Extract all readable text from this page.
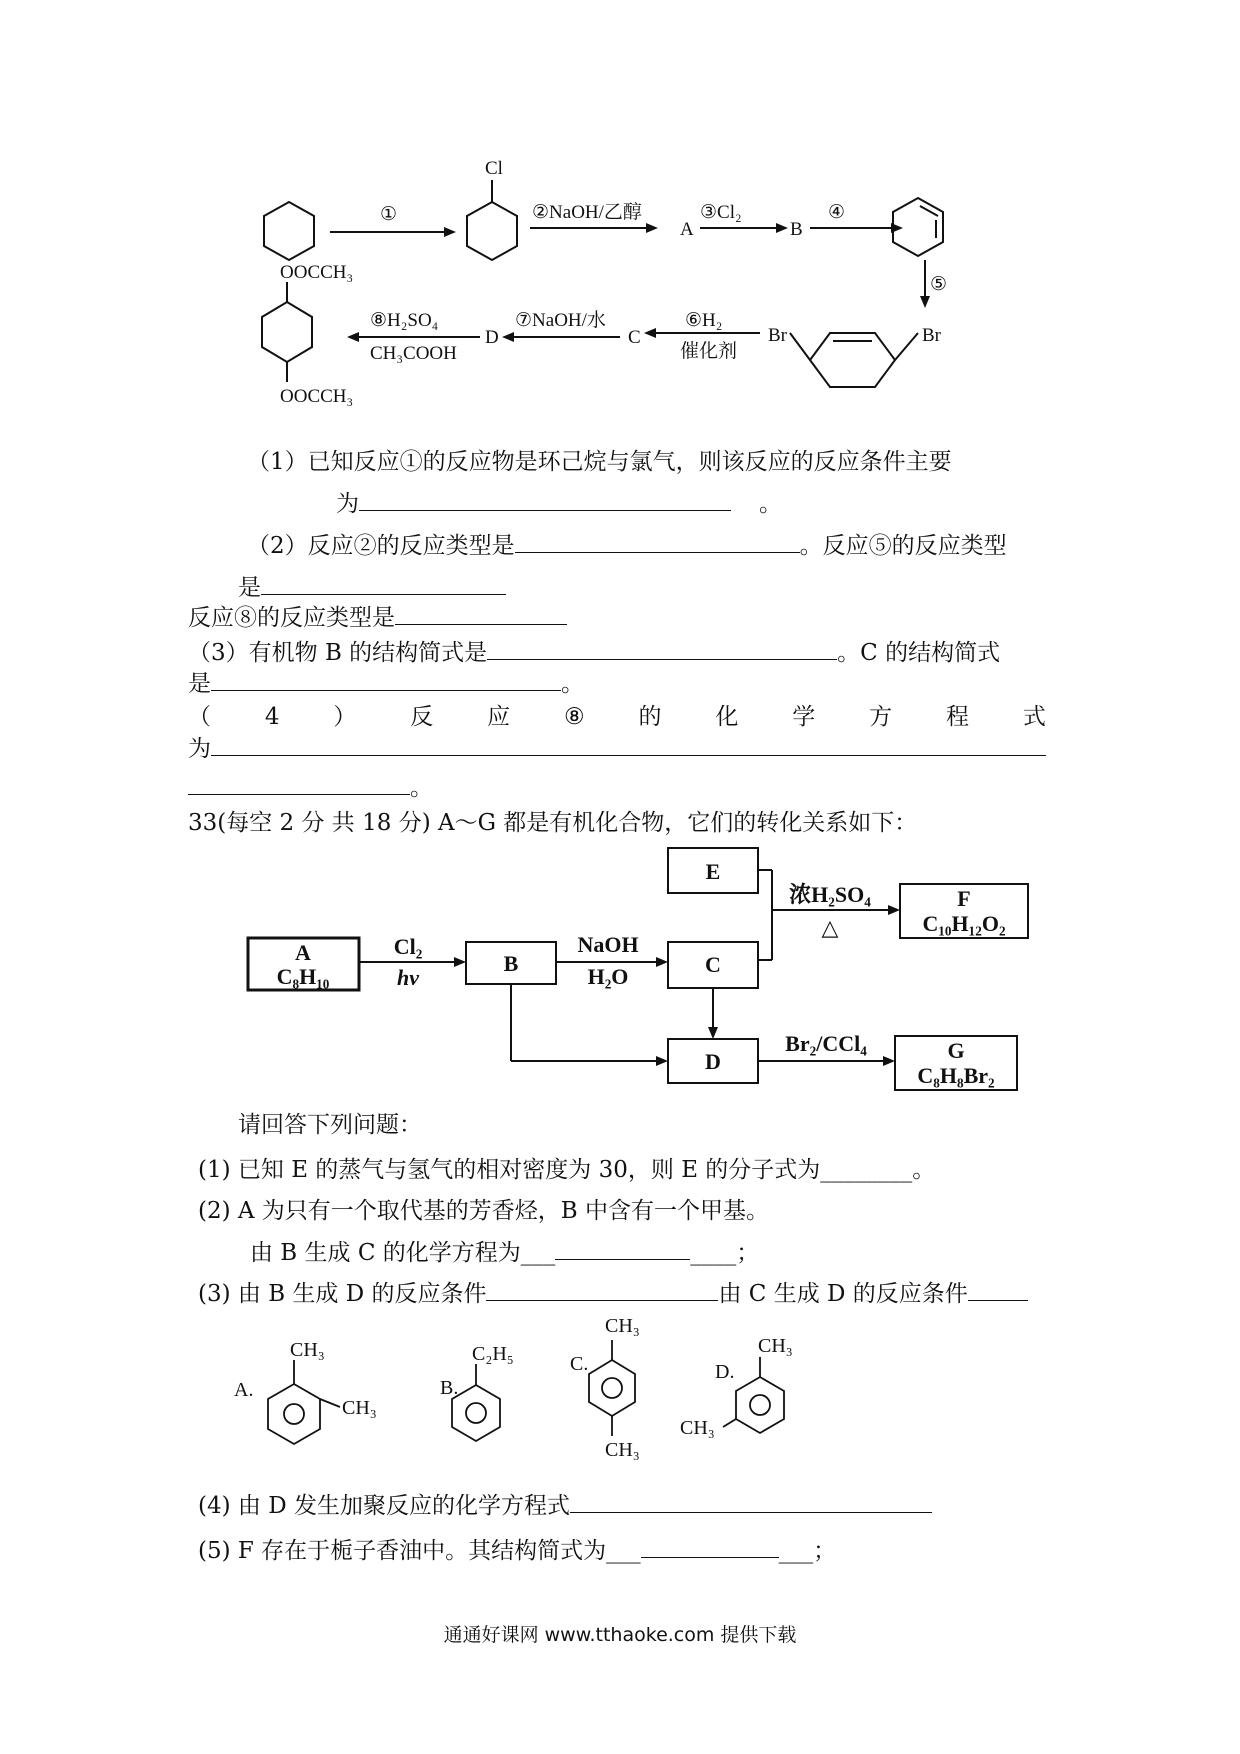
Cl
①	②NaOH/乙醇
A
③Cl₂
B
④
⑤
Br	Br
⑥H₂
催化剂
C
⑦NaOH/水
D
⑧H₂SO₄
CH₃COOH
OOCCH₃
OOCCH₃
（1）已知反应①的反应物是环己烷与氯气，则该反应的反应条件主要
为	。
（2）反应②的反应类型是	。反应⑤的反应类型
是
反应⑧的反应类型是
（3）有机物 B 的结构简式是	。C 的结构简式
是	。
（ 4 ） 反 应 ⑧ 的 化 学 方 程 式
为
。
33(每空 2 分 共 18 分) A～G 都是有机化合物，它们的转化关系如下：
E
F
C₁₀H₁₂O₂
A
C₈H₁₀
B	C
D	G
C₈H₈Br₂
浓H₂SO₄
△
Cl₂
hν
NaOH
H₂O
Br₂/CCl₄
请回答下列问题：
(1) 已知 E 的蒸气与氢气的相对密度为 30，则 E 的分子式为________。
(2) A 为只有一个取代基的芳香烃，B 中含有一个甲基。
由 B 生成 C 的化学方程为___	____；
(3) 由 B 生成 D 的反应条件	由 C 生成 D 的反应条件
A.
CH₃
CH₃
B.
C₂H₅
CH₃
CH₃
CH₃
CH₃
C.	D.
(4) 由 D 发生加聚反应的化学方程式
(5) F 存在于栀子香油中。其结构简式为___	___；
通通好课网 www.tthaoke.com 提供下载
